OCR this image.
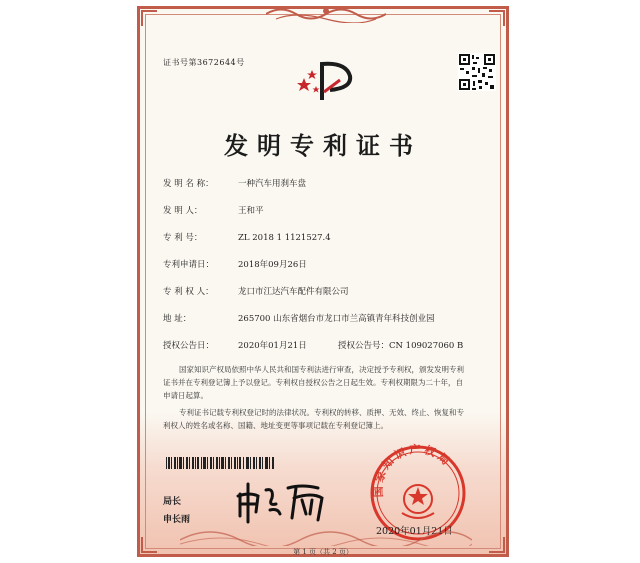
证书号第3672644号
发明专利证书
发 明 名 称：	一种汽车用刹车盘
发 明 人：	王和平
专 利 号：	ZL 2018 1 1121527.4
专利申请日：	2018年09月26日
专 利 权 人：	龙口市江达汽车配件有限公司
地 址：	265700 山东省烟台市龙口市兰高镇青年科技创业园
授权公告日：	2020年01月21日	授权公告号：CN 109027060 B
国家知识产权局依照中华人民共和国专利法进行审查，决定授予专利权，颁发发明专利
证书并在专利登记簿上予以登记。专利权自授权公告之日起生效。专利权期限为二十年，自
申请日起算。
专利证书记载专利权登记时的法律状况。专利权的转移、质押、无效、终止、恢复和专
利权人的姓名或名称、国籍、地址变更等事项记载在专利登记簿上。
局长
申长雨
国家知识产权局
2020年01月21日
第 1 页（共 2 页）
